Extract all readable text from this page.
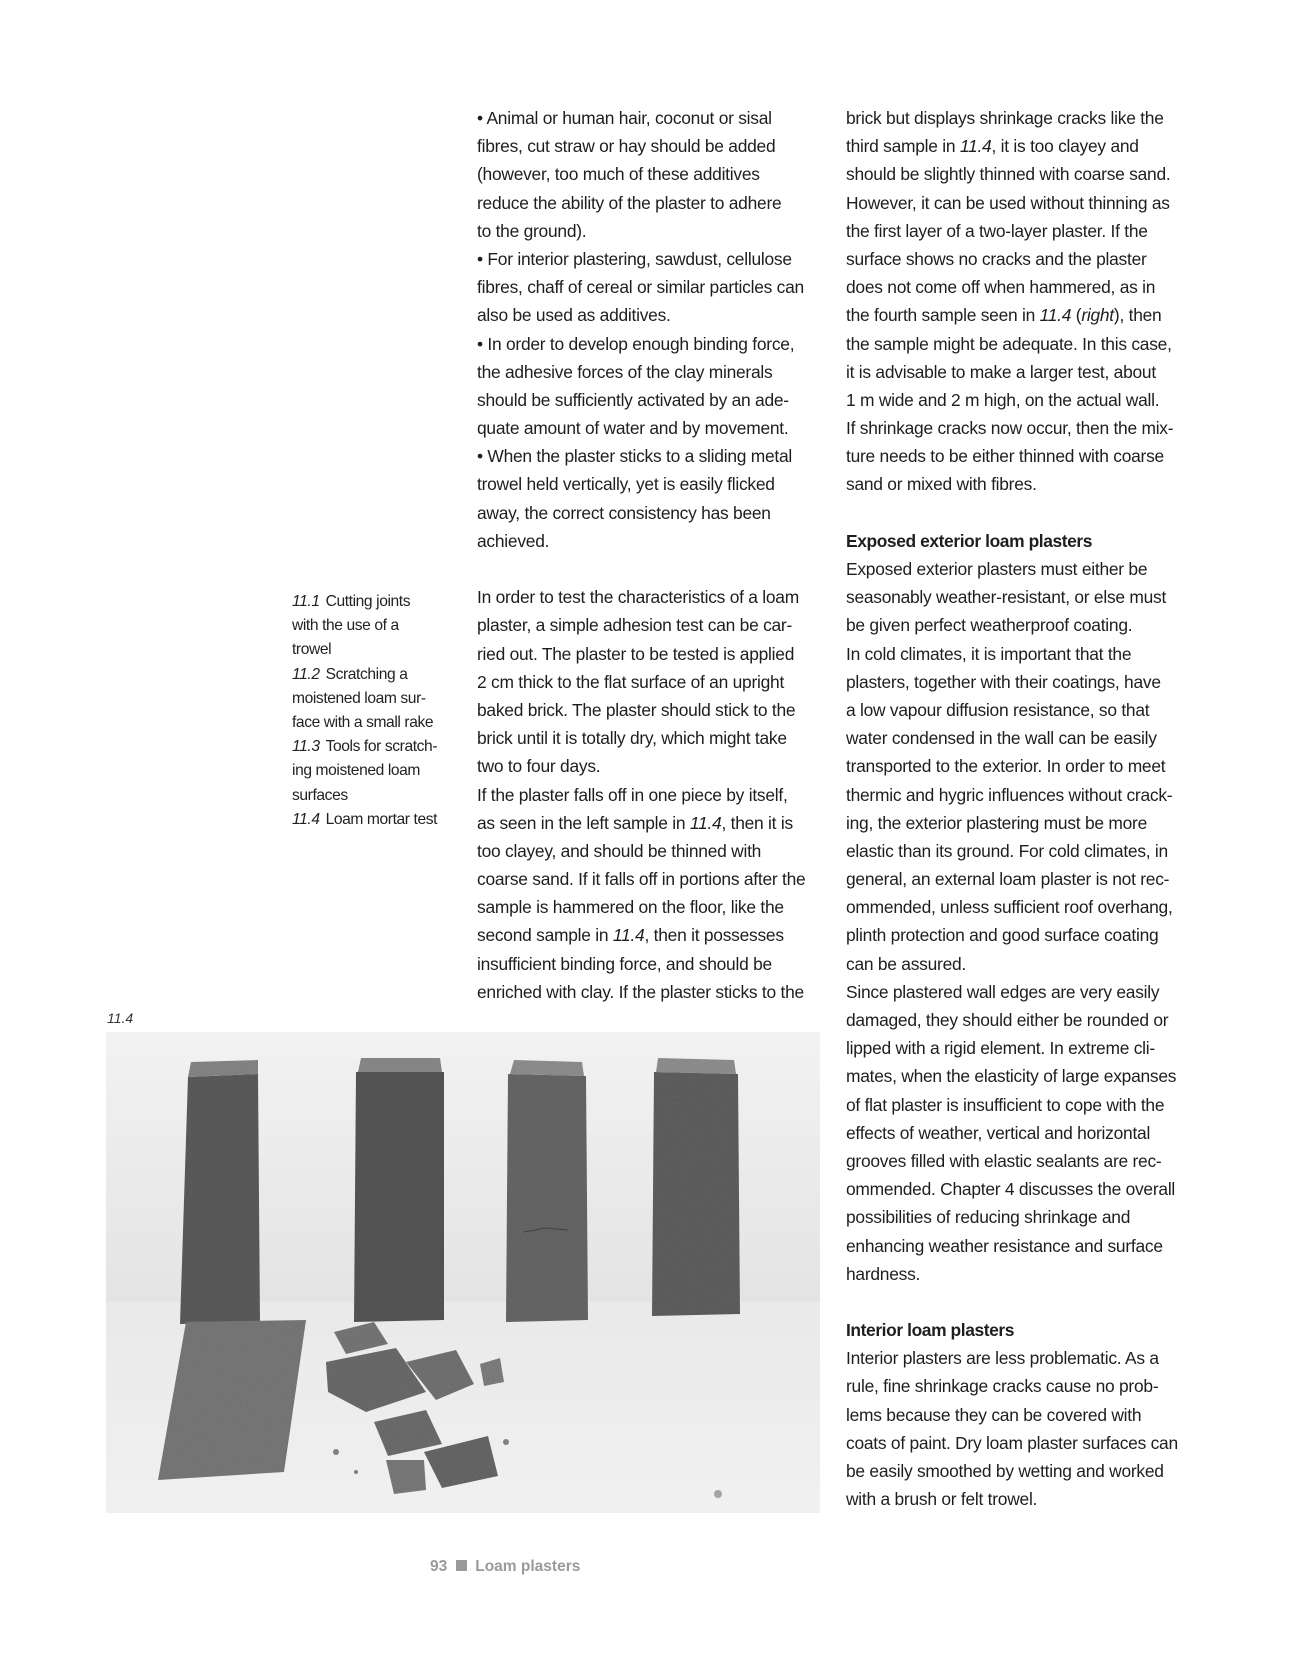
• Animal or human hair, coconut or sisal
fibres, cut straw or hay should be added
(however, too much of these additives
reduce the ability of the plaster to adhere
to the ground).
• For interior plastering, sawdust, cellulose
fibres, chaff of cereal or similar particles can
also be used as additives.
• In order to develop enough binding force,
the adhesive forces of the clay minerals
should be sufficiently activated by an ade-
quate amount of water and by movement.
• When the plaster sticks to a sliding metal
trowel held vertically, yet is easily flicked
away, the correct consistency has been
achieved.
In order to test the characteristics of a loam
plaster, a simple adhesion test can be car-
ried out. The plaster to be tested is applied
2 cm thick to the flat surface of an upright
baked brick. The plaster should stick to the
brick until it is totally dry, which might take
two to four days.
If the plaster falls off in one piece by itself,
as seen in the left sample in 11.4, then it is
too clayey, and should be thinned with
coarse sand. If it falls off in portions after the
sample is hammered on the floor, like the
second sample in 11.4, then it possesses
insufficient binding force, and should be
enriched with clay. If the plaster sticks to the
brick but displays shrinkage cracks like the
third sample in 11.4, it is too clayey and
should be slightly thinned with coarse sand.
However, it can be used without thinning as
the first layer of a two-layer plaster. If the
surface shows no cracks and the plaster
does not come off when hammered, as in
the fourth sample seen in 11.4 (right), then
the sample might be adequate. In this case,
it is advisable to make a larger test, about
1 m wide and 2 m high, on the actual wall.
If shrinkage cracks now occur, then the mix-
ture needs to be either thinned with coarse
sand or mixed with fibres.
Exposed exterior loam plasters
Exposed exterior plasters must either be
seasonably weather-resistant, or else must
be given perfect weatherproof coating.
In cold climates, it is important that the
plasters, together with their coatings, have
a low vapour diffusion resistance, so that
water condensed in the wall can be easily
transported to the exterior. In order to meet
thermic and hygric influences without crack-
ing, the exterior plastering must be more
elastic than its ground. For cold climates, in
general, an external loam plaster is not rec-
ommended, unless sufficient roof overhang,
plinth protection and good surface coating
can be assured.
Since plastered wall edges are very easily
damaged, they should either be rounded or
lipped with a rigid element. In extreme cli-
mates, when the elasticity of large expanses
of flat plaster is insufficient to cope with the
effects of weather, vertical and horizontal
grooves filled with elastic sealants are rec-
ommended. Chapter 4 discusses the overall
possibilities of reducing shrinkage and
enhancing weather resistance and surface
hardness.
Interior loam plasters
Interior plasters are less problematic. As a
rule, fine shrinkage cracks cause no prob-
lems because they can be covered with
coats of paint. Dry loam plaster surfaces can
be easily smoothed by wetting and worked
with a brush or felt trowel.
11.1 Cutting joints
with the use of a
trowel
11.2 Scratching a
moistened loam sur-
face with a small rake
11.3 Tools for scratch-
ing moistened loam
surfaces
11.4 Loam mortar test
11.4
93 Loam plasters
